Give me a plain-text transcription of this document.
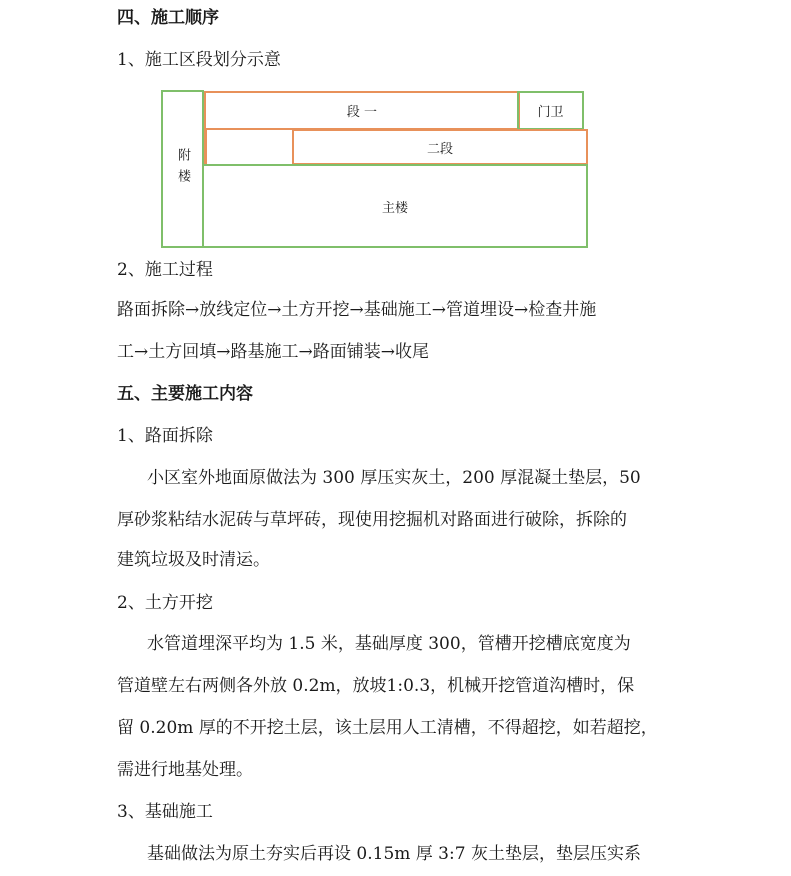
四、施工顺序
1、施工区段划分示意
附楼
段 一	门卫
二段
主楼
2、施工过程
路面拆除→放线定位→土方开挖→基础施工→管道埋设→检查井施
工→土方回填→路基施工→路面铺装→收尾
五、主要施工内容
1、路面拆除
小区室外地面原做法为 300 厚压实灰土，200 厚混凝土垫层，50
厚砂浆粘结水泥砖与草坪砖，现使用挖掘机对路面进行破除，拆除的
建筑垃圾及时清运。
2、土方开挖
水管道埋深平均为 1.5 米，基础厚度 300，管槽开挖槽底宽度为
管道壁左右两侧各外放 0.2m，放坡1:0.3，机械开挖管道沟槽时，保
留 0.20m 厚的不开挖土层，该土层用人工清槽，不得超挖，如若超挖，
需进行地基处理。
3、基础施工
基础做法为原土夯实后再设 0.15m 厚 3:7 灰土垫层，垫层压实系
